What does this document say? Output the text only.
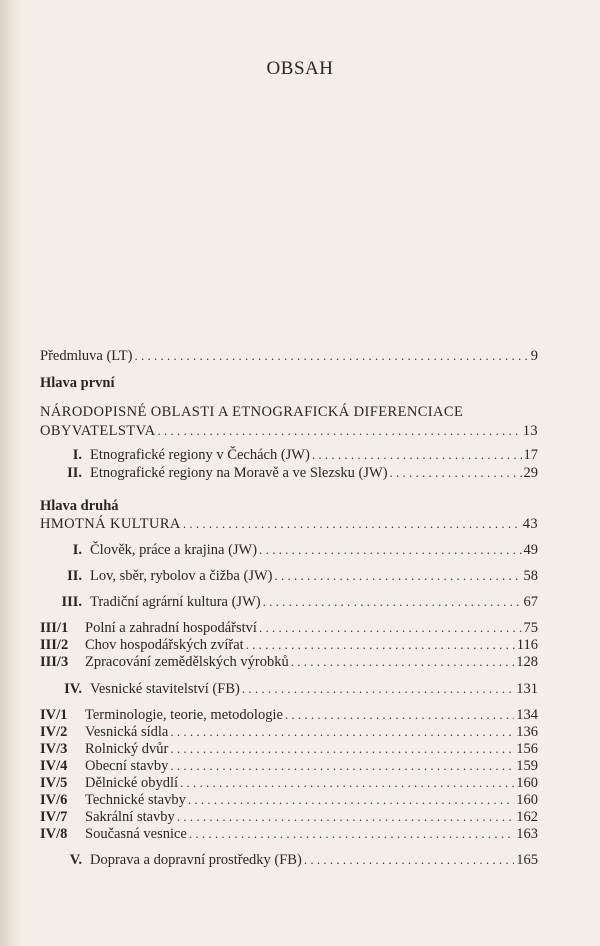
OBSAH
Předmluva (LT) . . .	9
Hlava první
NÁRODOPISNÉ OBLASTI A ETNOGRAFICKÁ DIFERENCIACE
OBYVATELSTVA . . .	13
I. Etnografické regiony v Čechách (JW) . . .	17
II. Etnografické regiony na Moravě a ve Slezsku (JW) . . .	29
Hlava druhá
HMOTNÁ KULTURA . . .	43
I. Člověk, práce a krajina (JW) . . .	49
II. Lov, sběr, rybolov a čižba (JW) . . .	58
III. Tradiční agrární kultura (JW) . . .	67
III/1	Polní a zahradní hospodářství . . .	75
III/2	Chov hospodářských zvířat . . .	116
III/3	Zpracování zemědělských výrobků . . .	128
IV. Vesnické stavitelství (FB) . . .	131
IV/1	Terminologie, teorie, metodologie . . .	134
IV/2	Vesnická sídla . . .	136
IV/3	Rolnický dvůr . . .	156
IV/4	Obecní stavby . . .	159
IV/5	Dělnické obydlí . . .	160
IV/6	Technické stavby . . .	160
IV/7	Sakrální stavby . . .	162
IV/8	Současná vesnice . . .	163
V. Doprava a dopravní prostředky (FB) . . .	165
